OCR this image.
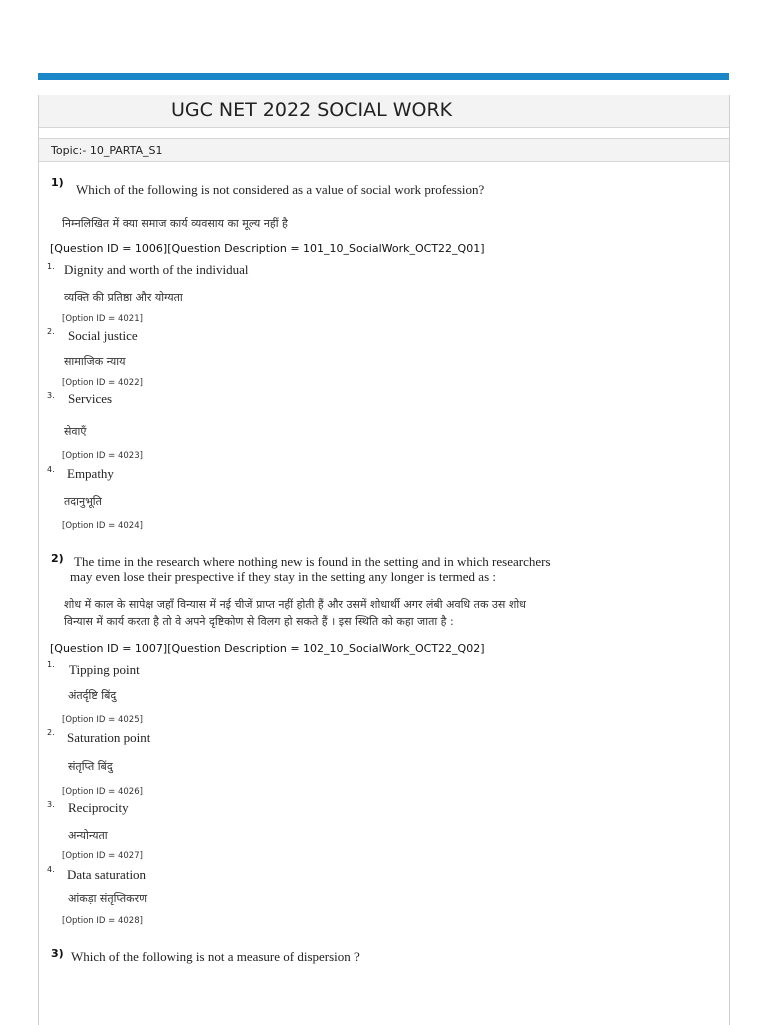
UGC NET 2022 SOCIAL WORK
Topic:- 10_PARTA_S1
1) Which of the following is not considered as a value of social work profession?
निम्नलिखित में क्या समाज कार्य व्यवसाय का मूल्य नहीं है
[Question ID = 1006][Question Description = 101_10_SocialWork_OCT22_Q01]
1. Dignity and worth of the individual
व्यक्ति की प्रतिष्ठा और योग्यता
[Option ID = 4021]
2. Social justice
सामाजिक न्याय
[Option ID = 4022]
3. Services
सेवाएँ
[Option ID = 4023]
4. Empathy
तदानुभूति
[Option ID = 4024]
2) The time in the research where nothing new is found in the setting and in which researchers
may even lose their prespective if they stay in the setting any longer is termed as :
शोध में काल के सापेक्ष जहाँ विन्यास में नई चीजें प्राप्त नहीं होती हैं और उसमें शोधार्थी अगर लंबी अवधि तक उस शोध
विन्यास में कार्य करता है तो वे अपने दृष्टिकोण से विलग हो सकते हैं । इस स्थिति को कहा जाता है :
[Question ID = 1007][Question Description = 102_10_SocialWork_OCT22_Q02]
1. Tipping point
अंतर्दृष्टि बिंदु
[Option ID = 4025]
2. Saturation point
संतृप्ति बिंदु
[Option ID = 4026]
3. Reciprocity
अन्योन्यता
[Option ID = 4027]
4. Data saturation
आंकड़ा संतृप्तिकरण
[Option ID = 4028]
3) Which of the following is not a measure of dispersion ?
